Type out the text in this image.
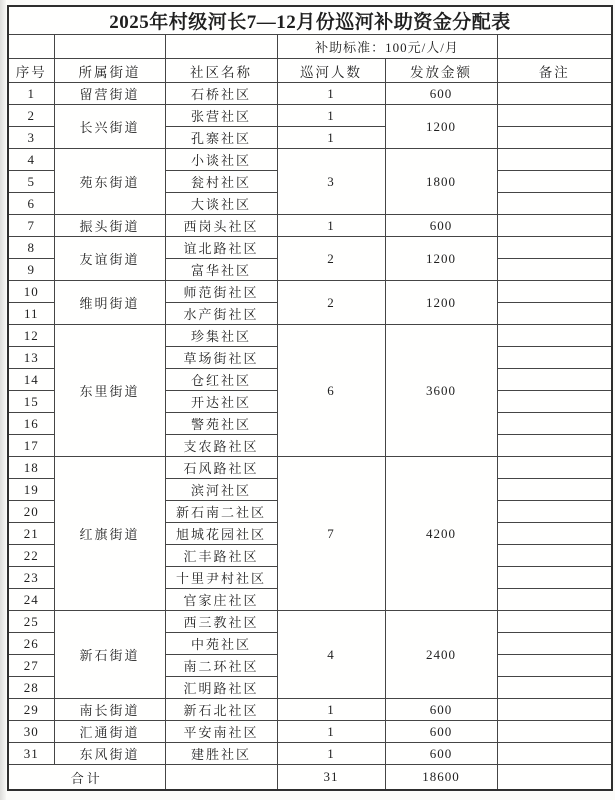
2025年村级河长7—12月份巡河补助资金分配表					
			补助标准：100元/人/月		
序号	所属街道	社区名称	巡河人数	发放金额	备注
1	留营街道	石桥社区	1	600	
2	长兴街道	张营社区	1	1200	
3		孔寨社区	1		
4	苑东街道	小谈社区	3	1800	
5		瓮村社区			
6		大谈社区			
7	振头街道	西岗头社区	1	600	
8	友谊街道	谊北路社区	2	1200	
9		富华社区			
10	维明街道	师范街社区	2	1200	
11		水产街社区			
12	东里街道	珍集社区	6	3600	
13		草场街社区			
14		仓红社区			
15		开达社区			
16		警苑社区			
17		支农路社区			
18	红旗街道	石风路社区	7	4200	
19		滨河社区			
20		新石南二社区			
21		旭城花园社区			
22		汇丰路社区			
23		十里尹村社区			
24		官家庄社区			
25	新石街道	西三教社区	4	2400	
26		中苑社区			
27		南二环社区			
28		汇明路社区			
29	南长街道	新石北社区	1	600	
30	汇通街道	平安南社区	1	600	
31	东风街道	建胜社区	1	600	
合计			31	18600	
